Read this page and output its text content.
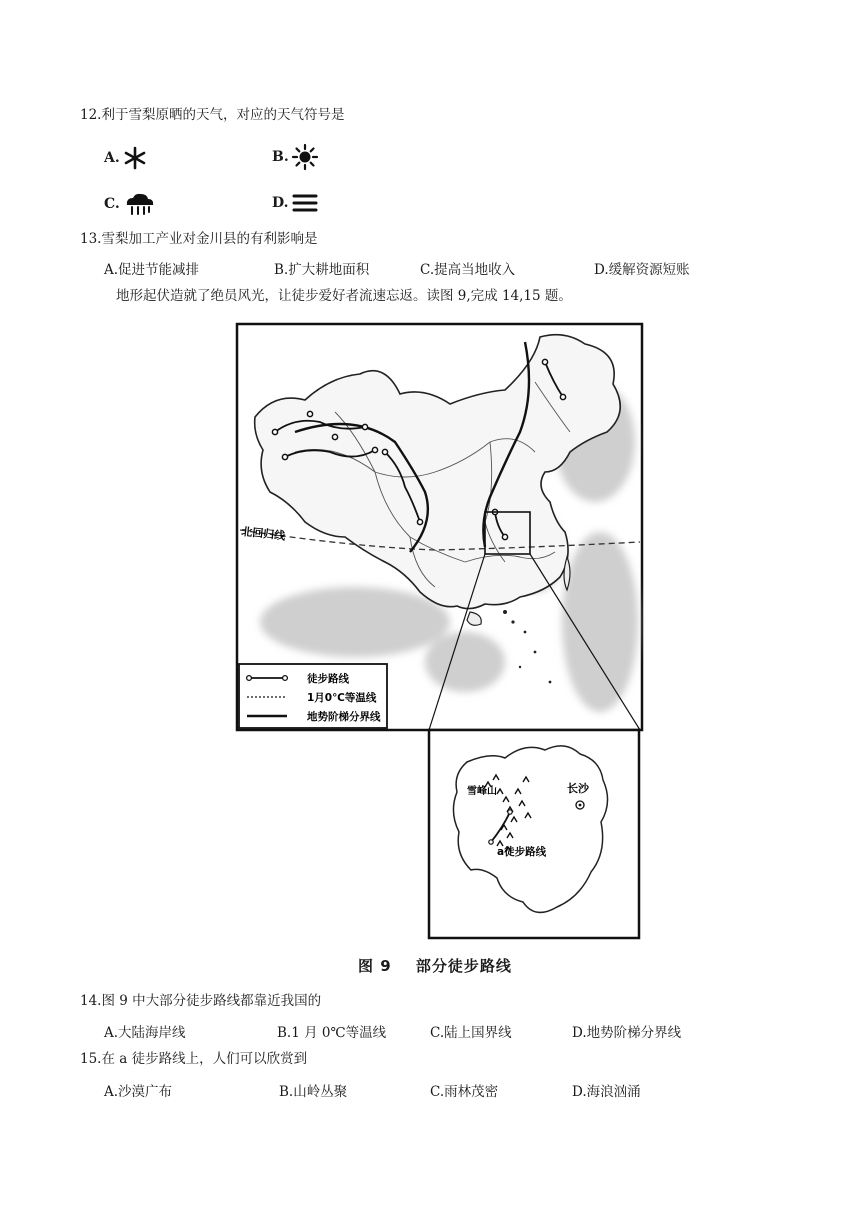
12.利于雪梨原晒的天气，对应的天气符号是
A.	B.
C.	D.
13.雪梨加工产业对金川县的有利影响是
A.促进节能减排	B.扩大耕地面积	C.提高当地收入	D.缓解资源短账
地形起伏造就了绝员风光，让徒步爱好者流速忘返。读图 9,完成 14,15 题。
北回归线
徒步路线
1月0℃等温线
地势阶梯分界线
雪峰山	长沙
a徒步路线
图 9 部分徒步路线
14.图 9 中大部分徒步路线都靠近我国的
A.大陆海岸线	B.1 月 0℃等温线	C.陆上国界线	D.地势阶梯分界线
15.在 a 徒步路线上，人们可以欣赏到
A.沙漠广布	B.山岭丛聚	C.雨林茂密	D.海浪汹涌
